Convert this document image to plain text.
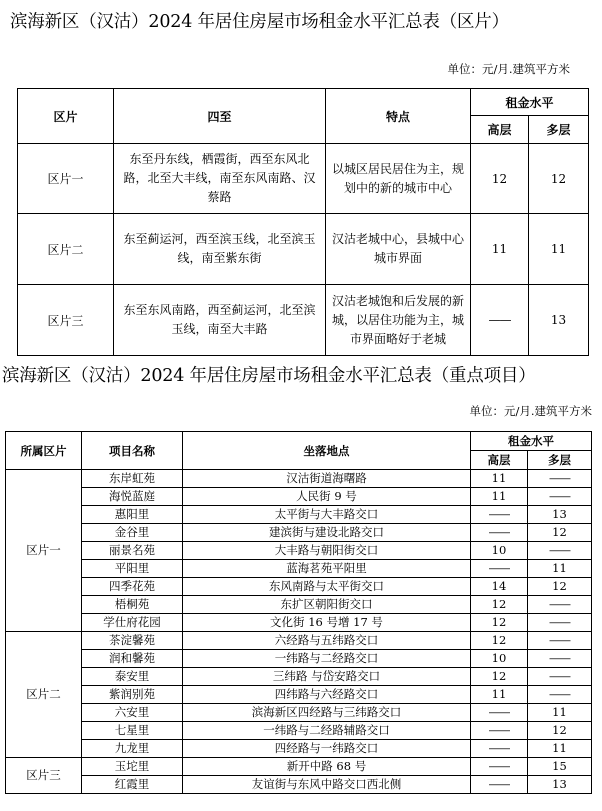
滨海新区（汉沽）2024 年居住房屋市场租金水平汇总表（区片）
单位：元/月.建筑平方米
区片	四至	特点	租金水平	
			高层	多层
区片一	东至丹东线，栖霞街，西至东风北路，北至大丰线，南至东风南路、汉蔡路	以城区居民居住为主，规划中的新的城市中心	12	12
区片二	东至蓟运河，西至滨玉线，北至滨玉线，南至紫东街	汉沽老城中心，县城中心城市界面	11	11
区片三	东至东风南路，西至蓟运河，北至滨玉线，南至大丰路	汉沽老城饱和后发展的新城，以居住功能为主，城市界面略好于老城	——	13
滨海新区（汉沽）2024 年居住房屋市场租金水平汇总表（重点项目）
单位：元/月.建筑平方米
所属区片	项目名称	坐落地点	租金水平	
			高层	多层
区片一	东岸虹苑	汉沽街道海曙路	11	——
	海悦蓝庭	人民街 9 号	11	——
	惠阳里	太平街与大丰路交口	——	13
	金谷里	建滨街与建设北路交口	——	12
	丽景名苑	大丰路与朝阳街交口	10	——
	平阳里	蓝海茗苑平阳里	——	11
	四季花苑	东风南路与太平街交口	14	12
	梧桐苑	东扩区朝阳街交口	12	——
	学仕府花园	文化街 16 号增 17 号	12	——
区片二	茶淀馨苑	六经路与五纬路交口	12	——
	润和馨苑	一纬路与二经路交口	10	——
	泰安里	三纬路 与岱安路交口	12	——
	紫润别苑	四纬路与六经路交口	11	——
	六安里	滨海新区四经路与三纬路交口	——	11
	七星里	一纬路与二经路辅路交口	——	12
	九龙里	四经路与一纬路交口	——	11
区片三	玉坨里	新开中路 68 号	——	15
	红霞里	友谊街与东风中路交口西北侧	——	13
